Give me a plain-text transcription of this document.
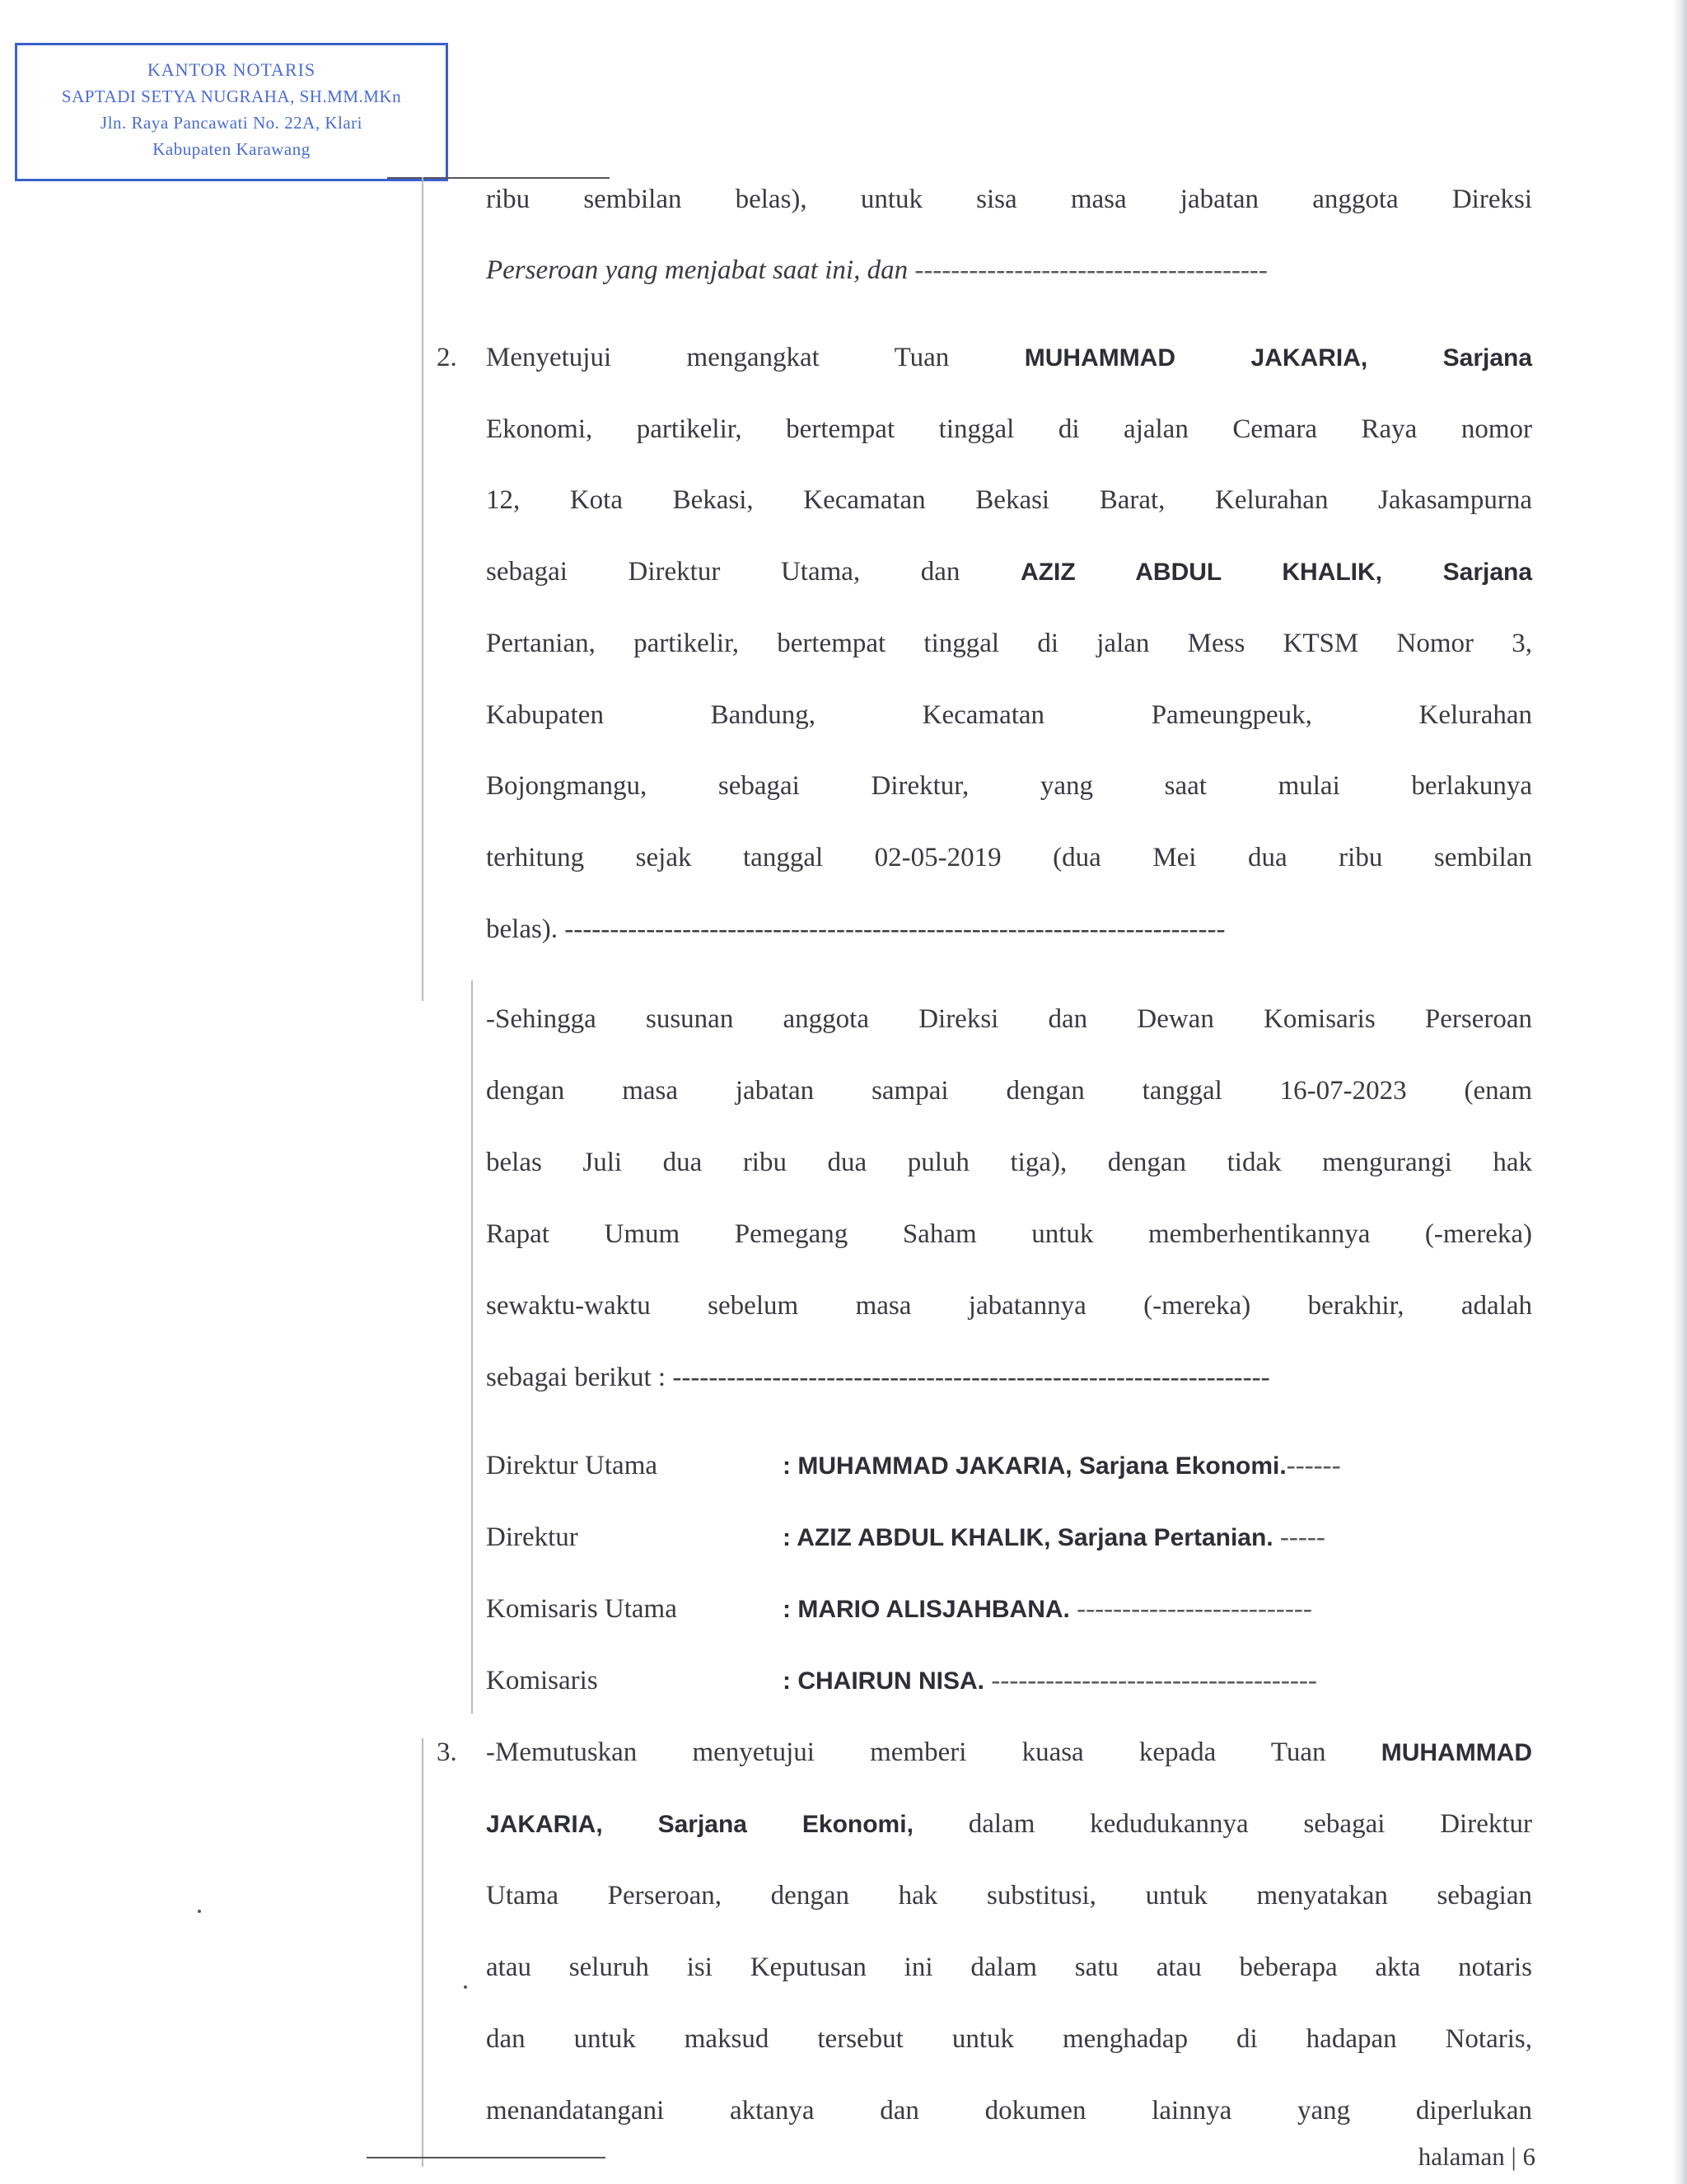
KANTOR NOTARIS
SAPTADI SETYA NUGRAHA, SH.MM.MKn
Jln. Raya Pancawati No. 22A, Klari
Kabupaten Karawang
ribu sembilan belas), untuk sisa masa jabatan anggota Direksi
Perseroan yang menjabat saat ini, dan ---------------------------------------
2. Menyetujui mengangkat Tuan	MUHAMMAD JAKARIA,	Sarjana
Ekonomi, partikelir, bertempat tinggal di ajalan Cemara Raya nomor
12, Kota Bekasi, Kecamatan Bekasi Barat, Kelurahan Jakasampurna
sebagai Direktur Utama, dan AZIZ ABDUL KHALIK, Sarjana
Pertanian, partikelir, bertempat tinggal di jalan Mess KTSM Nomor 3,
Kabupaten Bandung, Kecamatan Pameungpeuk, Kelurahan
Bojongmangu, sebagai Direktur, yang saat mulai berlakunya
terhitung sejak tanggal 02-05-2019 (dua Mei dua ribu sembilan
belas). -------------------------------------------------------------------------
-Sehingga susunan anggota Direksi dan Dewan Komisaris Perseroan
dengan masa jabatan sampai dengan tanggal 16-07-2023 (enam
belas Juli dua ribu dua puluh tiga), dengan tidak mengurangi hak
Rapat Umum Pemegang Saham untuk memberhentikannya (-mereka)
sewaktu-waktu sebelum masa jabatannya (-mereka) berakhir, adalah
sebagai berikut : ------------------------------------------------------------------
Direktur Utama	: MUHAMMAD JAKARIA, Sarjana Ekonomi.------
Direktur	: AZIZ ABDUL KHALIK, Sarjana Pertanian. -----
Komisaris Utama	: MARIO ALISJAHBANA. --------------------------
Komisaris	: CHAIRUN NISA. ------------------------------------
3. -Memutuskan menyetujui memberi kuasa kepada Tuan MUHAMMAD
JAKARIA, Sarjana Ekonomi, dalam kedudukannya sebagai Direktur
Utama Perseroan, dengan hak substitusi, untuk menyatakan sebagian
atau seluruh isi Keputusan ini dalam satu atau beberapa akta notaris
dan untuk maksud tersebut untuk menghadap di hadapan Notaris,
menandatangani aktanya dan dokumen lainnya yang diperlukan
halaman | 6
